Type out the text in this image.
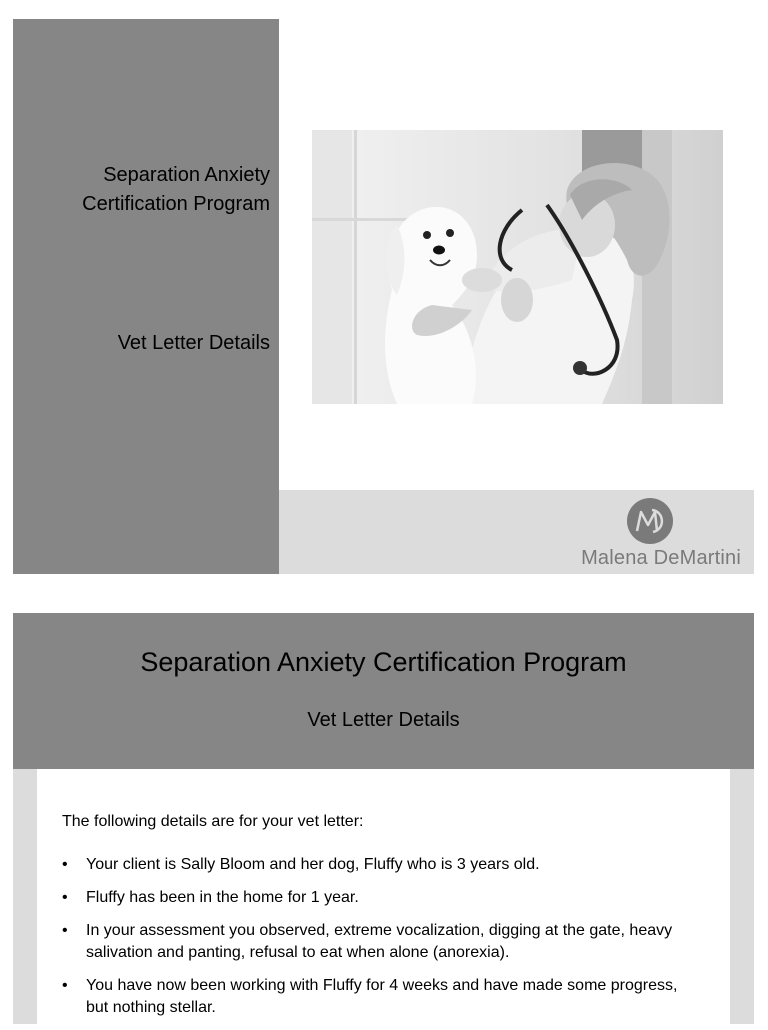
Separation Anxiety Certification Program
Vet Letter Details
Malena DeMartini
Separation Anxiety Certification Program
Vet Letter Details
The following details are for your vet letter:
• Your client is Sally Bloom and her dog, Fluffy who is 3 years old.
• Fluffy has been in the home for 1 year.
• In your assessment you observed, extreme vocalization, digging at the gate, heavy salivation and panting, refusal to eat when alone (anorexia).
• You have now been working with Fluffy for 4 weeks and have made some progress, but nothing stellar.
